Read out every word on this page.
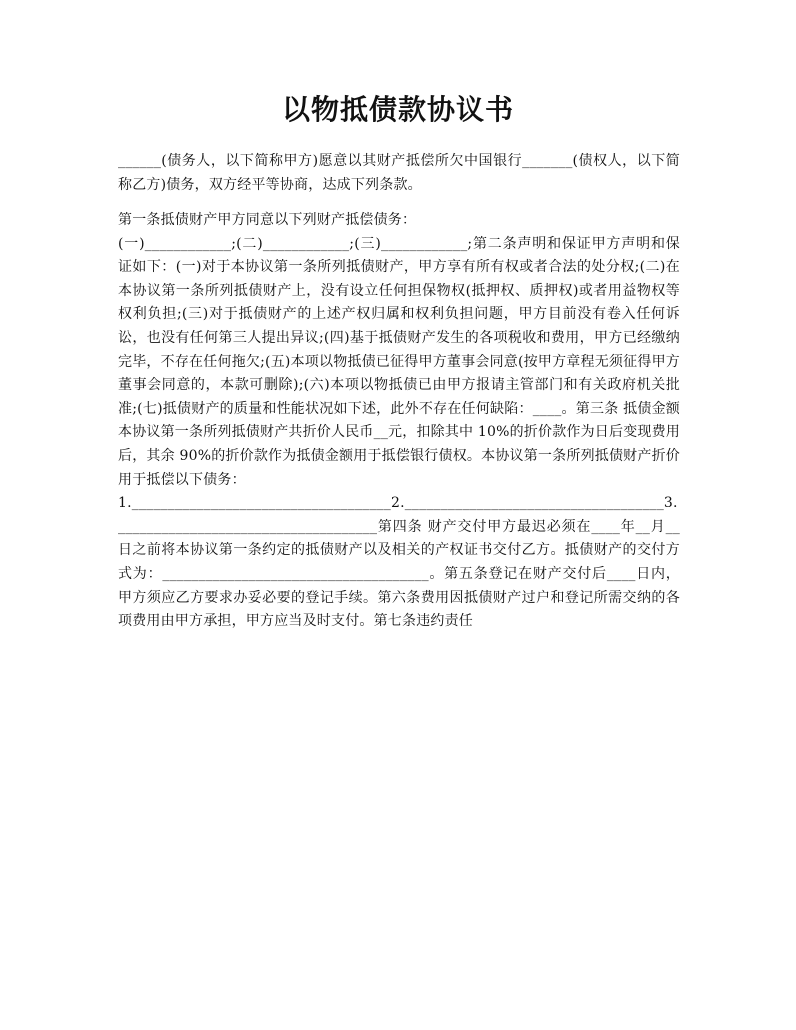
以物抵债款协议书
______(债务人，以下简称甲方)愿意以其财产抵偿所欠中国银行_______(债权人，以下简称乙方)债务，双方经平等协商，达成下列条款。
第一条抵债财产甲方同意以下列财产抵偿债务：
(一)____________;(二)____________;(三)____________;第二条声明和保证甲方声明和保证如下：(一)对于本协议第一条所列抵债财产，甲方享有所有权或者合法的处分权;(二)在本协议第一条所列抵债财产上，没有设立任何担保物权(抵押权、质押权)或者用益物权等权利负担;(三)对于抵债财产的上述产权归属和权利负担问题，甲方目前没有卷入任何诉讼，也没有任何第三人提出异议;(四)基于抵债财产发生的各项税收和费用，甲方已经缴纳完毕，不存在任何拖欠;(五)本项以物抵债已征得甲方董事会同意(按甲方章程无须征得甲方董事会同意的，本款可删除);(六)本项以物抵债已由甲方报请主管部门和有关政府机关批准;(七)抵债财产的质量和性能状况如下述，此外不存在任何缺陷：____。第三条 抵债金额  本协议第一条所列抵债财产共折价人民币__元，扣除其中 10%的折价款作为日后变现费用后，其余 90%的折价款作为抵债金额用于抵偿银行债权。本协议第一条所列抵债财产折价用于抵偿以下债务：
1.____________________________________2.____________________________________3.____________________________________第四条 财产交付甲方最迟必须在____年__月__日之前将本协议第一条约定的抵债财产以及相关的产权证书交付乙方。抵债财产的交付方式为：_____________________________________。第五条登记在财产交付后____日内，甲方须应乙方要求办妥必要的登记手续。第六条费用因抵债财产过户和登记所需交纳的各项费用由甲方承担，甲方应当及时支付。第七条违约责任
